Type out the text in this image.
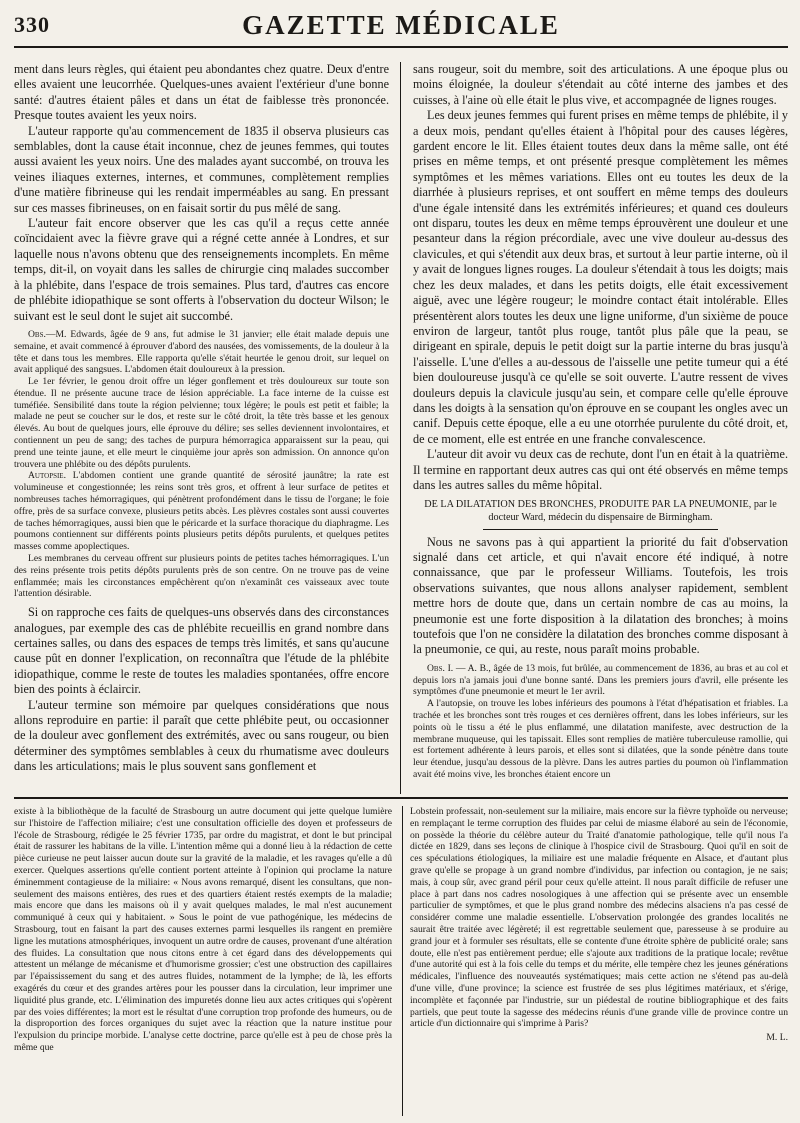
330	GAZETTE MÉDICALE

ment dans leurs règles, qui étaient peu abondantes chez quatre. Deux d'entre elles avaient une leucorrhée. Quelques-unes avaient l'extérieur d'une bonne santé: d'autres étaient pâles et dans un état de faiblesse très prononcée. Presque toutes avaient les yeux noirs.

L'auteur rapporte qu'au commencement de 1835 il observa plusieurs cas semblables, dont la cause était inconnue, chez de jeunes femmes, qui toutes aussi avaient les yeux noirs. Une des malades ayant succombé, on trouva les veines iliaques externes, internes, et communes, complètement remplies d'une matière fibrineuse qui les rendait imperméables au sang. En pressant sur ces masses fibrineuses, on en faisait sortir du pus mêlé de sang.

L'auteur fait encore observer que les cas qu'il a reçus cette année coïncidaient avec la fièvre grave qui a régné cette année à Londres, et sur laquelle nous n'avons obtenu que des renseignements incomplets. En même temps, dit-il, on voyait dans les salles de chirurgie cinq malades succomber à la phlébite, dans l'espace de trois semaines. Plus tard, d'autres cas encore de phlébite idiopathique se sont offerts à l'observation du docteur Wilson; le suivant est le seul dont le sujet ait succombé.

Obs.—M. Edwards, âgée de 9 ans, fut admise le 31 janvier; elle était malade depuis une semaine, et avait commencé à éprouver d'abord des nausées, des vomissements, de la douleur à la tête et dans tous les membres. Elle rapporta qu'elle s'était heurtée le genou droit, sur lequel on avait appliqué des sangsues. L'abdomen était douloureux à la pression.

Le 1er février, le genou droit offre un léger gonflement et très douloureux sur toute son étendue. Il ne présente aucune trace de lésion appréciable. La face interne de la cuisse est tuméfiée. Sensibilité dans toute la région pelvienne; toux légère; le pouls est petit et faible; la malade ne peut se coucher sur le dos, et reste sur le côté droit, la tête très basse et les genoux élevés. Au bout de quelques jours, elle éprouve du délire; ses selles deviennent involontaires, et contiennent un peu de sang; des taches de purpura hémorragica apparaissent sur la peau, qui prend une teinte jaune, et elle meurt le cinquième jour après son admission. On annonce qu'on trouvera une phlébite ou des dépôts purulents.

Autopsie. L'abdomen contient une grande quantité de sérosité jaunâtre; la rate est volumineuse et congestionnée; les reins sont très gros, et offrent à leur surface de petites et nombreuses taches hémorragiques, qui pénètrent profondément dans le tissu de l'organe; le foie offre, près de sa surface convexe, plusieurs petits abcès. Les plèvres costales sont aussi couvertes de taches hémorragiques, aussi bien que le péricarde et la surface thoracique du diaphragme. Les poumons contiennent sur différents points plusieurs petits dépôts purulents, et quelques petites masses comme apoplectiques.

Les membranes du cerveau offrent sur plusieurs points de petites taches hémorragiques. L'un des reins présente trois petits dépôts purulents près de son centre. On ne trouve pas de veine enflammée; mais les circonstances empêchèrent qu'on n'examinât ces vaisseaux avec toute l'attention désirable.

Si on rapproche ces faits de quelques-uns observés dans des circonstances analogues, par exemple des cas de phlébite recueillis en grand nombre dans certaines salles, ou dans des espaces de temps très limités, et sans qu'aucune cause pût en donner l'explication, on reconnaîtra que l'étude de la phlébite idiopathique, comme le reste de toutes les maladies spontanées, offre encore bien des points à éclaircir.

L'auteur termine son mémoire par quelques considérations que nous allons reproduire en partie: il paraît que cette phlébite peut, ou occasionner de la douleur avec gonflement des extrémités, avec ou sans rougeur, ou bien déterminer des symptômes semblables à ceux du rhumatisme avec douleurs dans les articulations; mais le plus souvent sans gonflement et

sans rougeur, soit du membre, soit des articulations. A une époque plus ou moins éloignée, la douleur s'étendait au côté interne des jambes et des cuisses, à l'aine où elle était le plus vive, et accompagnée de lignes rouges.

Les deux jeunes femmes qui furent prises en même temps de phlébite, il y a deux mois, pendant qu'elles étaient à l'hôpital pour des causes légères, gardent encore le lit. Elles étaient toutes deux dans la même salle, ont été prises en même temps, et ont présenté presque complètement les mêmes symptômes et les mêmes variations. Elles ont eu toutes les deux de la diarrhée à plusieurs reprises, et ont souffert en même temps des douleurs d'une égale intensité dans les extrémités inférieures; et quand ces douleurs ont disparu, toutes les deux en même temps éprouvèrent une douleur et une pesanteur dans la région précordiale, avec une vive douleur au-dessus des clavicules, et qui s'étendit aux deux bras, et surtout à leur partie interne, où il y avait de longues lignes rouges. La douleur s'étendait à tous les doigts; mais chez les deux malades, et dans les petits doigts, elle était excessivement aiguë, avec une légère rougeur; le moindre contact était intolérable. Elles présentèrent alors toutes les deux une ligne uniforme, d'un sixième de pouce environ de largeur, tantôt plus rouge, tantôt plus pâle que la peau, se dirigeant en spirale, depuis le petit doigt sur la partie interne du bras jusqu'à l'aisselle. L'une d'elles a au-dessous de l'aisselle une petite tumeur qui a été bien douloureuse jusqu'à ce qu'elle se soit ouverte. L'autre ressent de vives douleurs depuis la clavicule jusqu'au sein, et compare celle qu'elle éprouve dans les doigts à la sensation qu'on éprouve en se coupant les ongles avec un canif. Depuis cette époque, elle a eu une otorrhée purulente du côté droit, et, de ce moment, elle est entrée en une franche convalescence.

L'auteur dit avoir vu deux cas de rechute, dont l'un en était à la quatrième. Il termine en rapportant deux autres cas qui ont été observés en même temps dans les autres salles du même hôpital.

DE LA DILATATION DES BRONCHES, PRODUITE PAR LA PNEUMONIE, par le docteur Ward, médecin du dispensaire de Birmingham.

Nous ne savons pas à qui appartient la priorité du fait d'observation signalé dans cet article, et qui n'avait encore été indiqué, à notre connaissance, que par le professeur Williams. Toutefois, les trois observations suivantes, que nous allons analyser rapidement, semblent mettre hors de doute que, dans un certain nombre de cas au moins, la pneumonie est une forte disposition à la dilatation des bronches; à moins toutefois que l'on ne considère la dilatation des bronches comme disposant à la pneumonie, ce qui, au reste, nous paraît moins probable.

Obs. I. — A. B., âgée de 13 mois, fut brûlée, au commencement de 1836, au bras et au col et depuis lors n'a jamais joui d'une bonne santé. Dans les premiers jours d'avril, elle présente les symptômes d'une pneumonie et meurt le 1er avril.

A l'autopsie, on trouve les lobes inférieurs des poumons à l'état d'hépatisation et friables. La trachée et les bronches sont très rouges et ces dernières offrent, dans les lobes inférieurs, sur les points où le tissu a été le plus enflammé, une dilatation manifeste, avec destruction de la membrane muqueuse, qui les tapissait. Elles sont remplies de matière tuberculeuse ramollie, qui est fortement adhérente à leurs parois, et elles sont si dilatées, que la sonde pénètre dans toute leur étendue, jusqu'au dessous de la plèvre. Dans les autres parties du poumon où l'inflammation avait été moins vive, les bronches étaient encore un

existe à la bibliothèque de la faculté de Strasbourg un autre document qui jette quelque lumière sur l'histoire de l'affection miliaire; c'est une consultation officielle des doyen et professeurs de l'école de Strasbourg, rédigée le 25 février 1735, par ordre du magistrat, et dont le but principal était de rassurer les habitans de la ville. L'intention même qui a donné lieu à la rédaction de cette pièce curieuse ne peut laisser aucun doute sur la gravité de la maladie, et les ravages qu'elle a dû exercer. Quelques assertions qu'elle contient portent atteinte à l'opinion qui proclame la nature éminemment contagieuse de la miliaire: « Nous avons remarqué, disent les consultans, que non-seulement des maisons entières, des rues et des quartiers étaient restés exempts de la maladie; mais encore que dans les maisons où il y avait quelques malades, le mal n'est aucunement communiqué à ceux qui y habitaient. » Sous le point de vue pathogénique, les médecins de Strasbourg, tout en faisant la part des causes externes parmi lesquelles ils rangent en première ligne les mutations atmosphériques, invoquent un autre ordre de causes, provenant d'une altération des fluides. La consultation que nous citons entre à cet égard dans des développements qui attestent un mélange de mécanisme et d'humorisme grossier; c'est une obstruction des capillaires par l'épaississement du sang et des autres fluides, notamment de la lymphe; de là, les efforts exagérés du cœur et des grandes artères pour les pousser dans la circulation, leur imprimer une liquidité plus grande, etc. L'élimination des impuretés donne lieu aux actes critiques qui s'opèrent par des voies différentes; la mort est le résultat d'une corruption trop profonde des humeurs, ou de la disproportion des forces organiques du sujet avec la réaction que la nature institue pour l'expulsion du principe morbide. L'analyse cette doctrine, parce qu'elle est à peu de chose près la même que

Lobstein professait, non-seulement sur la miliaire, mais encore sur la fièvre typhoïde ou nerveuse; en remplaçant le terme corruption des fluides par celui de miasme élaboré au sein de l'économie, on possède la théorie du célèbre auteur du Traité d'anatomie pathologique, telle qu'il nous l'a dictée en 1829, dans ses leçons de clinique à l'hospice civil de Strasbourg. Quoi qu'il en soit de ces spéculations étiologiques, la miliaire est une maladie fréquente en Alsace, et d'autant plus grave qu'elle se propage à un grand nombre d'individus, par infection ou contagion, je ne sais; mais, à coup sûr, avec grand péril pour ceux qu'elle atteint. Il nous paraît difficile de refuser une place à part dans nos cadres nosologiques à une affection qui se présente avec un ensemble particulier de symptômes, et que le plus grand nombre des médecins alsaciens n'a pas cessé de considérer comme une maladie essentielle. L'observation prolongée des grandes localités ne saurait être traitée avec légèreté; il est regrettable seulement que, paresseuse à se produire au grand jour et à formuler ses résultats, elle se contente d'une étroite sphère de publicité orale; sans doute, elle n'est pas entièrement perdue; elle s'ajoute aux traditions de la pratique locale; revêtue d'une autorité qui est à la fois celle du temps et du mérite, elle tempère chez les jeunes générations médicales, l'influence des nouveautés systématiques; mais cette action ne s'étend pas au-delà d'une ville, d'une province; la science est frustrée de ses plus légitimes matériaux, et s'érige, incomplète et façonnée par l'industrie, sur un piédestal de routine bibliographique et des faits partiels, que peut toute la sagesse des médecins réunis d'une grande ville de province contre un article d'un dictionnaire qui s'imprime à Paris?

M. L.
